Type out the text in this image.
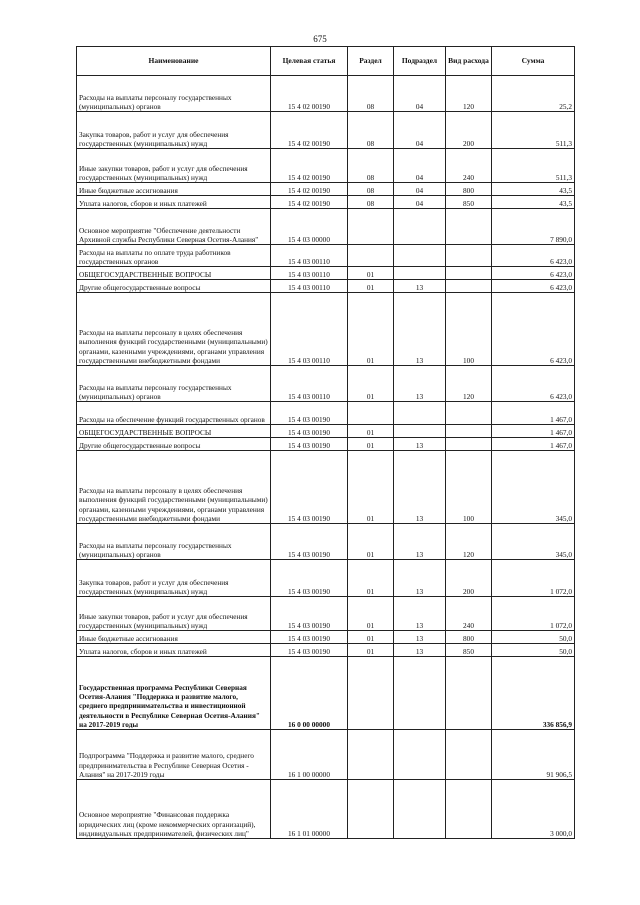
675
Наименование	Целевая статья	Раздел	Подраздел	Вид расхода	Сумма
Расходы на выплаты персоналу государственных (муниципальных) органов	15 4 02 00190	08	04	120	25,2
Закупка товаров, работ и услуг для обеспечения государственных (муниципальных) нужд	15 4 02 00190	08	04	200	511,3
Иные закупки товаров, работ и услуг для обеспечения государственных (муниципальных) нужд	15 4 02 00190	08	04	240	511,3
Иные бюджетные ассигнования	15 4 02 00190	08	04	800	43,5
Уплата налогов, сборов и иных платежей	15 4 02 00190	08	04	850	43,5
Основное мероприятие "Обеспечение деятельности Архивной службы Республики Северная Осетия-Алания"	15 4 03 00000				7 890,0
Расходы на выплаты по оплате труда работников государственных органов	15 4 03 00110				6 423,0
ОБЩЕГОСУДАРСТВЕННЫЕ ВОПРОСЫ	15 4 03 00110	01			6 423,0
Другие общегосударственные вопросы	15 4 03 00110	01	13		6 423,0
Расходы на выплаты персоналу в целях обеспечения выполнения функций государственными (муниципальными) органами, казенными учреждениями, органами управления государственными внебюджетными фондами	15 4 03 00110	01	13	100	6 423,0
Расходы на выплаты персоналу государственных (муниципальных) органов	15 4 03 00110	01	13	120	6 423,0
Расходы на обеспечение функций государственных органов	15 4 03 00190				1 467,0
ОБЩЕГОСУДАРСТВЕННЫЕ ВОПРОСЫ	15 4 03 00190	01			1 467,0
Другие общегосударственные вопросы	15 4 03 00190	01	13		1 467,0
Расходы на выплаты персоналу в целях обеспечения выполнения функций государственными (муниципальными) органами, казенными учреждениями, органами управления государственными внебюджетными фондами	15 4 03 00190	01	13	100	345,0
Расходы на выплаты персоналу государственных (муниципальных) органов	15 4 03 00190	01	13	120	345,0
Закупка товаров, работ и услуг для обеспечения государственных (муниципальных) нужд	15 4 03 00190	01	13	200	1 072,0
Иные закупки товаров, работ и услуг для обеспечения государственных (муниципальных) нужд	15 4 03 00190	01	13	240	1 072,0
Иные бюджетные ассигнования	15 4 03 00190	01	13	800	50,0
Уплата налогов, сборов и иных платежей	15 4 03 00190	01	13	850	50,0
Государственная программа Республики Северная Осетия-Алания "Поддержка и развитие малого, среднего предпринимательства и инвестиционной деятельности в Республике Северная Осетия-Алания" на 2017-2019 годы	16 0 00 00000				336 856,9
Подпрограмма "Поддержка и развитие малого, среднего предпринимательства в Республике Северная Осетия - Алания" на 2017-2019 годы	16 1 00 00000				91 906,5
Основное мероприятие "Финансовая поддержка юридических лиц (кроме некоммерческих организаций), индивидуальных предпринимателей, физических лиц"	16 1 01 00000				3 000,0
